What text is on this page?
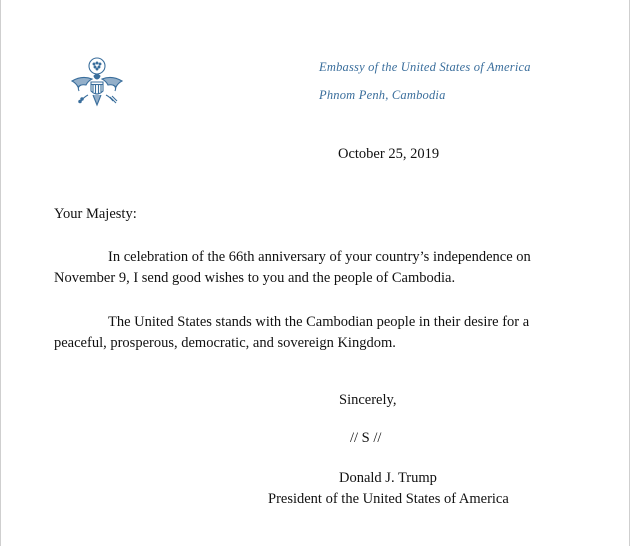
Embassy of the United States of America
Phnom Penh, Cambodia
October 25, 2019
Your Majesty:
In celebration of the 66th anniversary of your country’s independence on
November 9, I send good wishes to you and the people of Cambodia.
The United States stands with the Cambodian people in their desire for a
peaceful, prosperous, democratic, and sovereign Kingdom.
Sincerely,
// S //
Donald J. Trump
President of the United States of America
